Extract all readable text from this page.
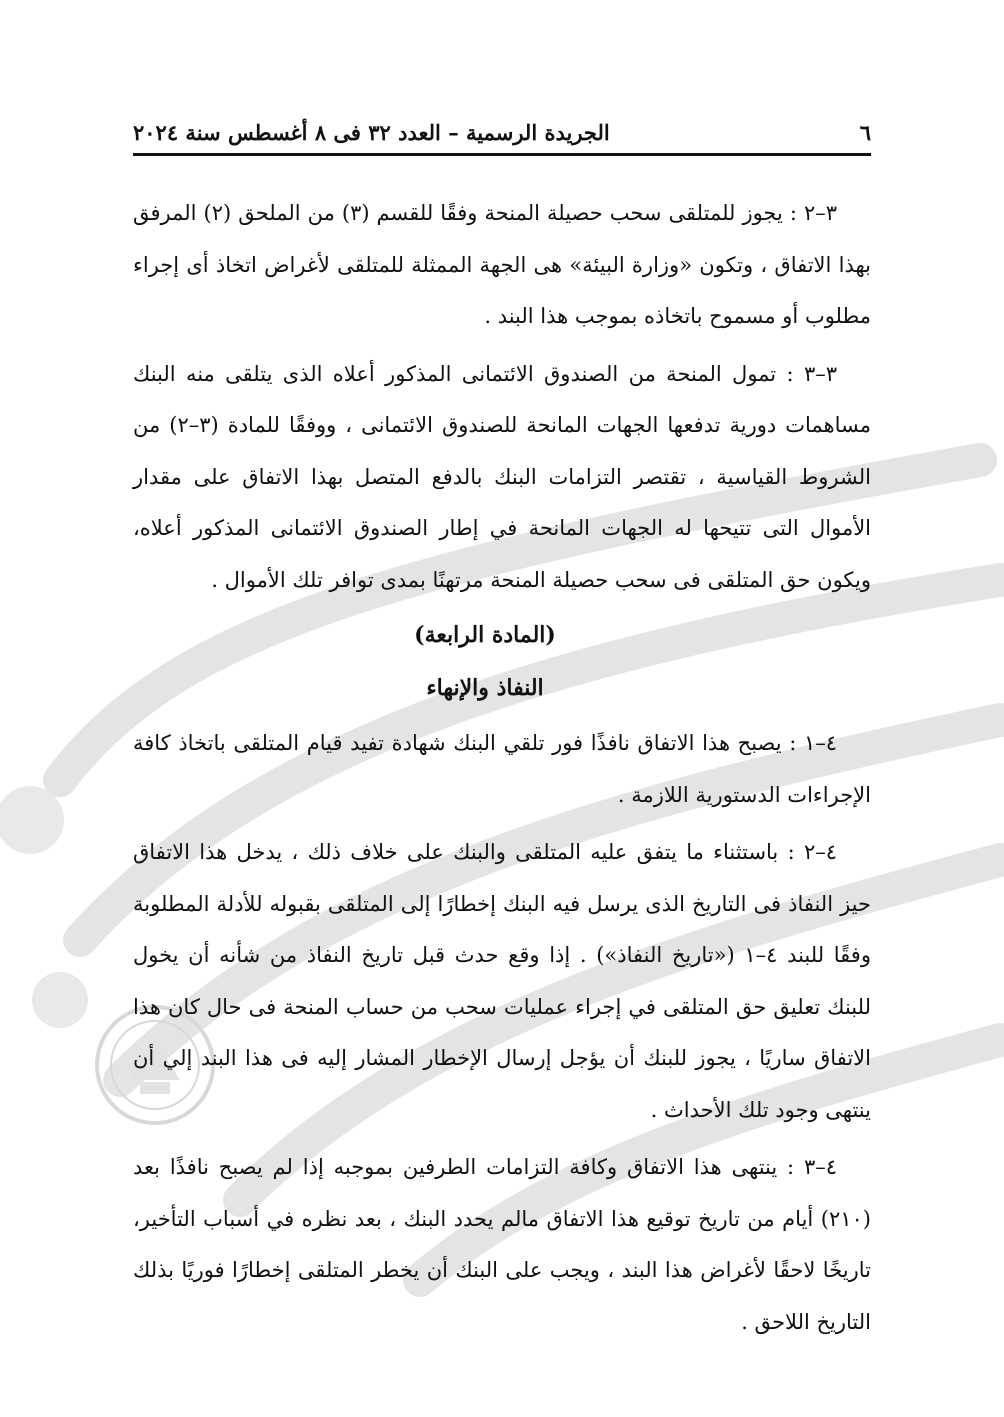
٦
الجريدة الرسمية – العدد ٣٢ فى ٨ أغسطس سنة ٢٠٢٤

٣–٢ : يجوز للمتلقى سحب حصيلة المنحة وفقًا للقسم (٣) من الملحق (٢) المرفق بهذا الاتفاق ، وتكون «وزارة البيئة» هى الجهة الممثلة للمتلقى لأغراض اتخاذ أى إجراء مطلوب أو مسموح باتخاذه بموجب هذا البند .

٣–٣ : تمول المنحة من الصندوق الائتمانى المذكور أعلاه الذى يتلقى منه البنك مساهمات دورية تدفعها الجهات المانحة للصندوق الائتمانى ، ووفقًا للمادة (٣–٢) من الشروط القياسية ، تقتصر التزامات البنك بالدفع المتصل بهذا الاتفاق على مقدار الأموال التى تتيحها له الجهات المانحة في إطار الصندوق الائتمانى المذكور أعلاه، ويكون حق المتلقى فى سحب حصيلة المنحة مرتهنًا بمدى توافر تلك الأموال .

(المادة الرابعة)

النفاذ والإنهاء

٤–١ : يصبح هذا الاتفاق نافذًا فور تلقي البنك شهادة تفيد قيام المتلقى باتخاذ كافة الإجراءات الدستورية اللازمة .

٤–٢ : باستثناء ما يتفق عليه المتلقى والبنك على خلاف ذلك ، يدخل هذا الاتفاق حيز النفاذ فى التاريخ الذى يرسل فيه البنك إخطارًا إلى المتلقى بقبوله للأدلة المطلوبة وفقًا للبند ٤–١ («تاريخ النفاذ») . إذا وقع حدث قبل تاريخ النفاذ من شأنه أن يخول للبنك تعليق حق المتلقى في إجراء عمليات سحب من حساب المنحة فى حال كان هذا الاتفاق ساريًا ، يجوز للبنك أن يؤجل إرسال الإخطار المشار إليه فى هذا البند إلي أن ينتهى وجود تلك الأحداث .

٤–٣ : ينتهى هذا الاتفاق وكافة التزامات الطرفين بموجبه إذا لم يصبح نافذًا بعد (٢١٠) أيام من تاريخ توقيع هذا الاتفاق مالم يحدد البنك ، بعد نظره في أسباب التأخير، تاريخًا لاحقًا لأغراض هذا البند ، ويجب على البنك أن يخطر المتلقى إخطارًا فوريًا بذلك التاريخ اللاحق .
